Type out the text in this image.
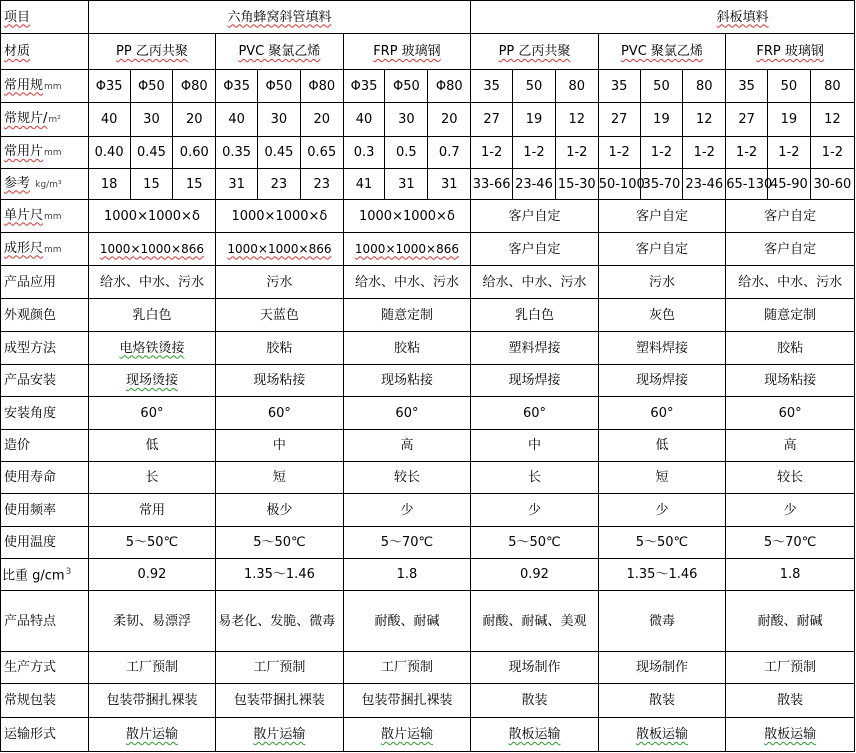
项目	六角蜂窝斜管填料									斜板填料								
材质	PP 乙丙共聚			PVC 聚氯乙烯			FRP 玻璃钢			PP 乙丙共聚			PVC 聚氯乙烯			FRP 玻璃钢		
常用规mm	Φ35	Φ50	Φ80	Φ35	Φ50	Φ80	Φ35	Φ50	Φ80	35	50	80	35	50	80	35	50	80
常规片/m²	40	30	20	40	30	20	40	30	20	27	19	12	27	19	12	27	19	12
常用片mm	0.40	0.45	0.60	0.35	0.45	0.65	0.3	0.5	0.7	1-2	1-2	1-2	1-2	1-2	1-2	1-2	1-2	1-2
参考 kg/m³	18	15	15	31	23	23	41	31	31	33-66	23-46	15-30	50-100	35-70	23-46	65-130	45-90	30-60
单片尺mm	1000×1000×δ			1000×1000×δ			1000×1000×δ			客户自定			客户自定			客户自定		
成形尺mm	1000×1000×866			1000×1000×866			1000×1000×866			客户自定			客户自定			客户自定		
产品应用	给水、中水、污水			污水			给水、中水、污水			给水、中水、污水			污水			给水、中水、污水		
外观颜色	乳白色			天蓝色			随意定制			乳白色			灰色			随意定制		
成型方法	电烙铁烫接			胶粘			胶粘			塑料焊接			塑料焊接			胶粘		
产品安装	现场烫接			现场粘接			现场粘接			现场焊接			现场焊接			现场粘接		
安装角度	60°			60°			60°			60°			60°			60°		
造价	低			中			高			中			低			高		
使用寿命	长			短			较长			长			短			较长		
使用频率	常用			极少			少			少			少			少		
使用温度	5～50℃			5～50℃			5～70℃			5～50℃			5～50℃			5～70℃		
比重 $g/cm^3$	0.92			1.35～1.46			1.8			0.92			1.35～1.46			1.8		
产品特点	柔韧、易漂浮			易老化、发脆、微毒			耐酸、耐碱			耐酸、耐碱、美观			微毒			耐酸、耐碱		
生产方式	工厂预制			工厂预制			工厂预制			现场制作			现场制作			工厂预制		
常规包装	包装带捆扎裸装			包装带捆扎裸装			包装带捆扎裸装			散装			散装			散装		
运输形式	散片运输			散片运输			散片运输			散板运输			散板运输			散板运输		
